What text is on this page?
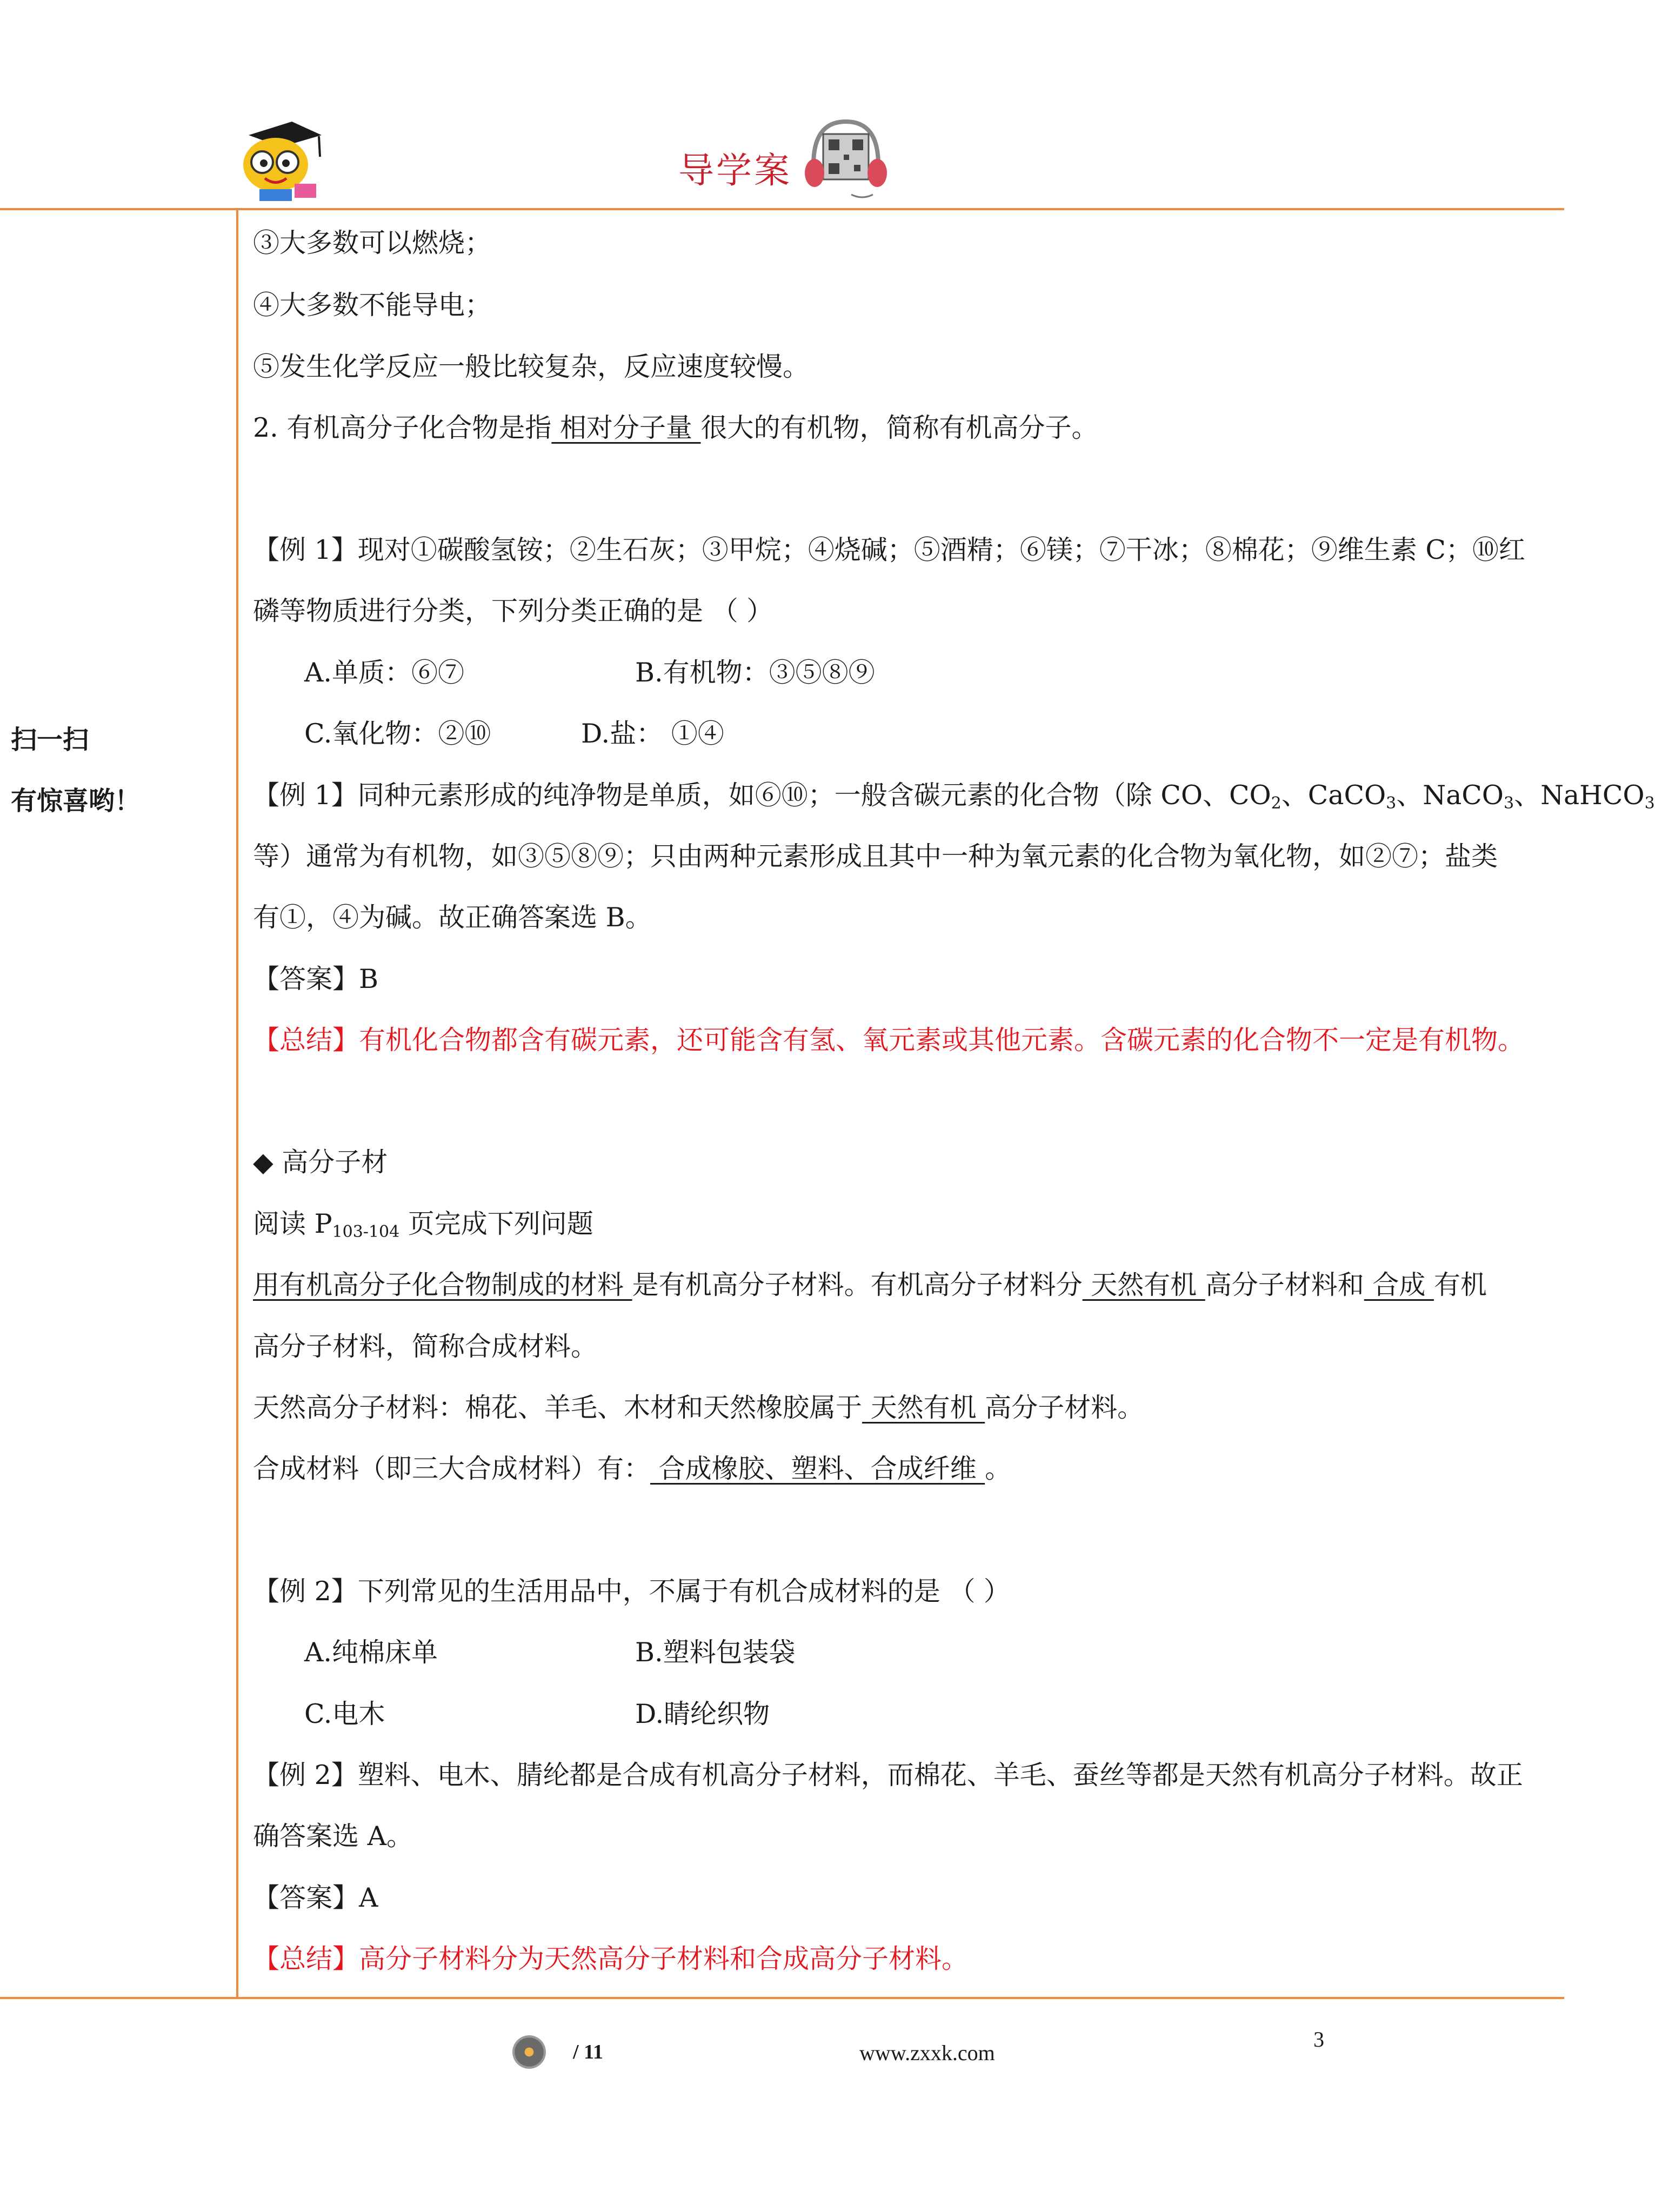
导学案
扫一扫
有惊喜哟！
③大多数可以燃烧；
④大多数不能导电；
⑤发生化学反应一般比较复杂，反应速度较慢。
2. 有机高分子化合物是指 相对分子量 很大的有机物，简称有机高分子。
【例 1】现对①碳酸氢铵；②生石灰；③甲烷；④烧碱；⑤酒精；⑥镁；⑦干冰；⑧棉花；⑨维生素 C；⑩红
磷等物质进行分类，下列分类正确的是 （ ）
A.单质：⑥⑦	B.有机物：③⑤⑧⑨
C.氧化物：②⑩	D.盐： ①④
【例 1】同种元素形成的纯净物是单质，如⑥⑩；一般含碳元素的化合物（除 CO、$CO_2$、CaCO$_3$、NaCO$_3$、NaHCO$_3$
等）通常为有机物，如③⑤⑧⑨；只由两种元素形成且其中一种为氧元素的化合物为氧化物，如②⑦；盐类
有①，④为碱。故正确答案选 B。
【答案】B
【总结】有机化合物都含有碳元素，还可能含有氢、氧元素或其他元素。含碳元素的化合物不一定是有机物。
◆ 高分子材
阅读 $P_{103-104}$ 页完成下列问题
用有机高分子化合物制成的材料 是有机高分子材料。有机高分子材料分 天然有机 高分子材料和 合成 有机
高分子材料，简称合成材料。
天然高分子材料：棉花、羊毛、木材和天然橡胶属于 天然有机 高分子材料。
合成材料（即三大合成材料）有： 合成橡胶、塑料、合成纤维 。
【例 2】下列常见的生活用品中，不属于有机合成材料的是 （ ）
A.纯棉床单	B.塑料包装袋
C.电木	D.睛纶织物
【例 2】塑料、电木、腈纶都是合成有机高分子材料，而棉花、羊毛、蚕丝等都是天然有机高分子材料。故正
确答案选 A。
【答案】A
【总结】高分子材料分为天然高分子材料和合成高分子材料。
/ 11	www.zxxk.com
3
